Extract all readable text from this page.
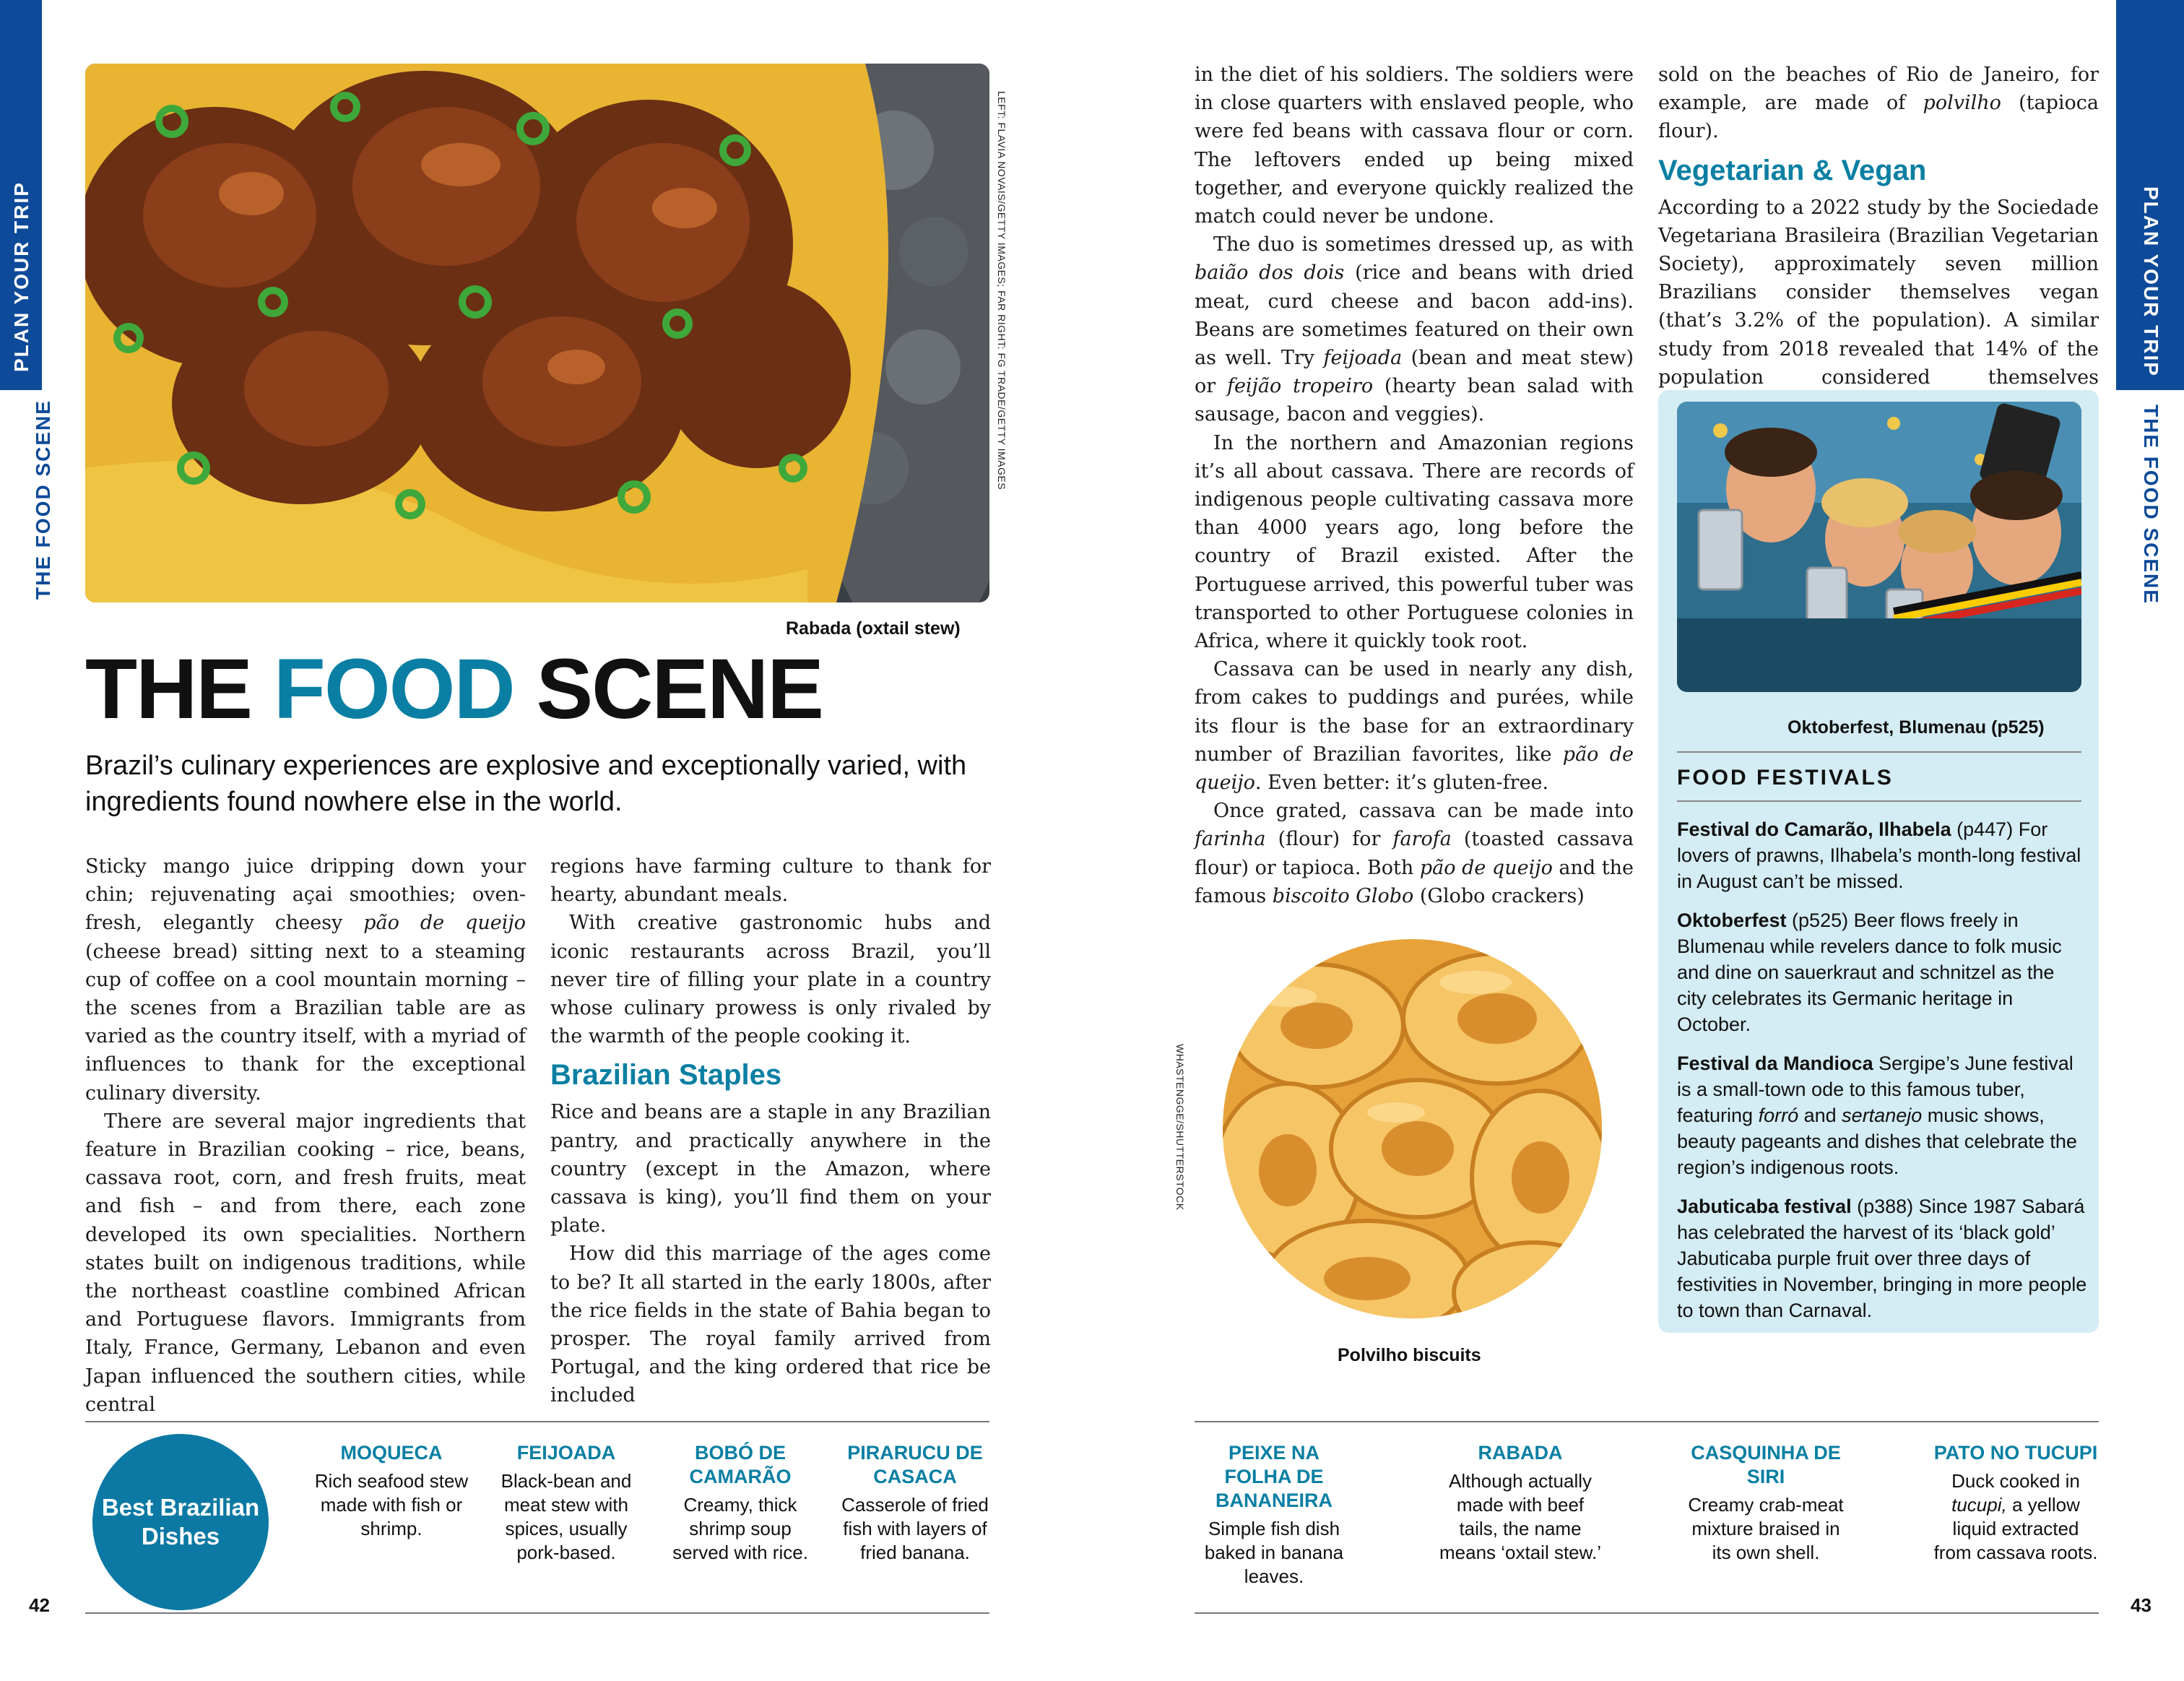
PLAN YOUR TRIP
THE FOOD SCENE
PLAN YOUR TRIP
THE FOOD SCENE
LEFT: FLAVIA NOVAIS/GETTY IMAGES; FAR RIGHT: FG TRADE/GETTY IMAGES
Rabada (oxtail stew)
THE FOOD SCENE
Brazil’s culinary experiences are explosive and exceptionally varied, with ingredients found nowhere else in the world.

Sticky mango juice dripping down your chin; rejuvenating açai smoothies; oven-fresh, elegantly cheesy pão de queijo (cheese bread) sitting next to a steaming cup of coffee on a cool mountain morning – the scenes from a Brazilian table are as varied as the country itself, with a myriad of influences to thank for the exceptional culinary diversity.

There are several major ingredients that feature in Brazilian cooking – rice, beans, cassava root, corn, and fresh fruits, meat and fish – and from there, each zone developed its own specialities. Northern states built on indigenous traditions, while the northeast coastline combined African and Portuguese flavors. Immigrants from Italy, France, Germany, Lebanon and even Japan influenced the southern cities, while central

regions have farming culture to thank for hearty, abundant meals.

With creative gastronomic hubs and iconic restaurants across Brazil, you’ll never tire of filling your plate in a country whose culinary prowess is only rivaled by the warmth of the people cooking it.

Brazilian Staples

Rice and beans are a staple in any Brazilian pantry, and practically anywhere in the country (except in the Amazon, where cassava is king), you’ll find them on your plate.

How did this marriage of the ages come to be? It all started in the early 1800s, after the rice fields in the state of Bahia began to prosper. The royal family arrived from Portugal, and the king ordered that rice be included

in the diet of his soldiers. The soldiers were in close quarters with enslaved people, who were fed beans with cassava flour or corn. The leftovers ended up being mixed together, and everyone quickly realized the match could never be undone.

The duo is sometimes dressed up, as with baião dos dois (rice and beans with dried meat, curd cheese and bacon add-ins). Beans are sometimes featured on their own as well. Try feijoada (bean and meat stew) or feijão tropeiro (hearty bean salad with sausage, bacon and veggies).

In the northern and Amazonian regions it’s all about cassava. There are records of indigenous people cultivating cassava more than 4000 years ago, long before the country of Brazil existed. After the Portuguese arrived, this powerful tuber was transported to other Portuguese colonies in Africa, where it quickly took root.

Cassava can be used in nearly any dish, from cakes to puddings and purées, while its flour is the base for an extraordinary number of Brazilian favorites, like pão de queijo. Even better: it’s gluten-free.

Once grated, cassava can be made into farinha (flour) for farofa (toasted cassava flour) or tapioca. Both pão de queijo and the famous biscoito Globo (Globo crackers)

sold on the beaches of Rio de Janeiro, for example, are made of polvilho (tapioca flour).

Vegetarian & Vegan

According to a 2022 study by the Sociedade Vegetariana Brasileira (Brazilian Vegetarian Society), approximately seven million Brazilians consider themselves vegan (that’s 3.2% of the population). A similar study from 2018 revealed that 14% of the population considered themselves

WHASTENGGE/SHUTTERSTOCK
Polvilho biscuits
Oktoberfest, Blumenau (p525)
FOOD FESTIVALS

Festival do Camarão, Ilhabela (p447) For lovers of prawns, Ilhabela’s month-long festival in August can’t be missed.

Oktoberfest (p525) Beer flows freely in Blumenau while revelers dance to folk music and dine on sauerkraut and schnitzel as the city celebrates its Germanic heritage in October.

Festival da Mandioca Sergipe’s June festival is a small-town ode to this famous tuber, featuring forró and sertanejo music shows, beauty pageants and dishes that celebrate the region’s indigenous roots.

Jabuticaba festival (p388) Since 1987 Sabará has celebrated the harvest of its ‘black gold’ Jabuticaba purple fruit over three days of festivities in November, bringing in more people to town than Carnaval.

Best Brazilian Dishes
MOQUECA
Rich seafood stew made with fish or shrimp.
FEIJOADA
Black-bean and meat stew with spices, usually pork-based.
BOBÓ DE CAMARÃO
Creamy, thick shrimp soup served with rice.
PIRARUCU DE CASACA
Casserole of fried fish with layers of fried banana.
PEIXE NA FOLHA DE BANANEIRA
Simple fish dish baked in banana leaves.
RABADA
Although actually made with beef tails, the name means ‘oxtail stew.’
CASQUINHA DE SIRI
Creamy crab-meat mixture braised in its own shell.
PATO NO TUCUPI
Duck cooked in tucupi, a yellow liquid extracted from cassava roots.
42	43
